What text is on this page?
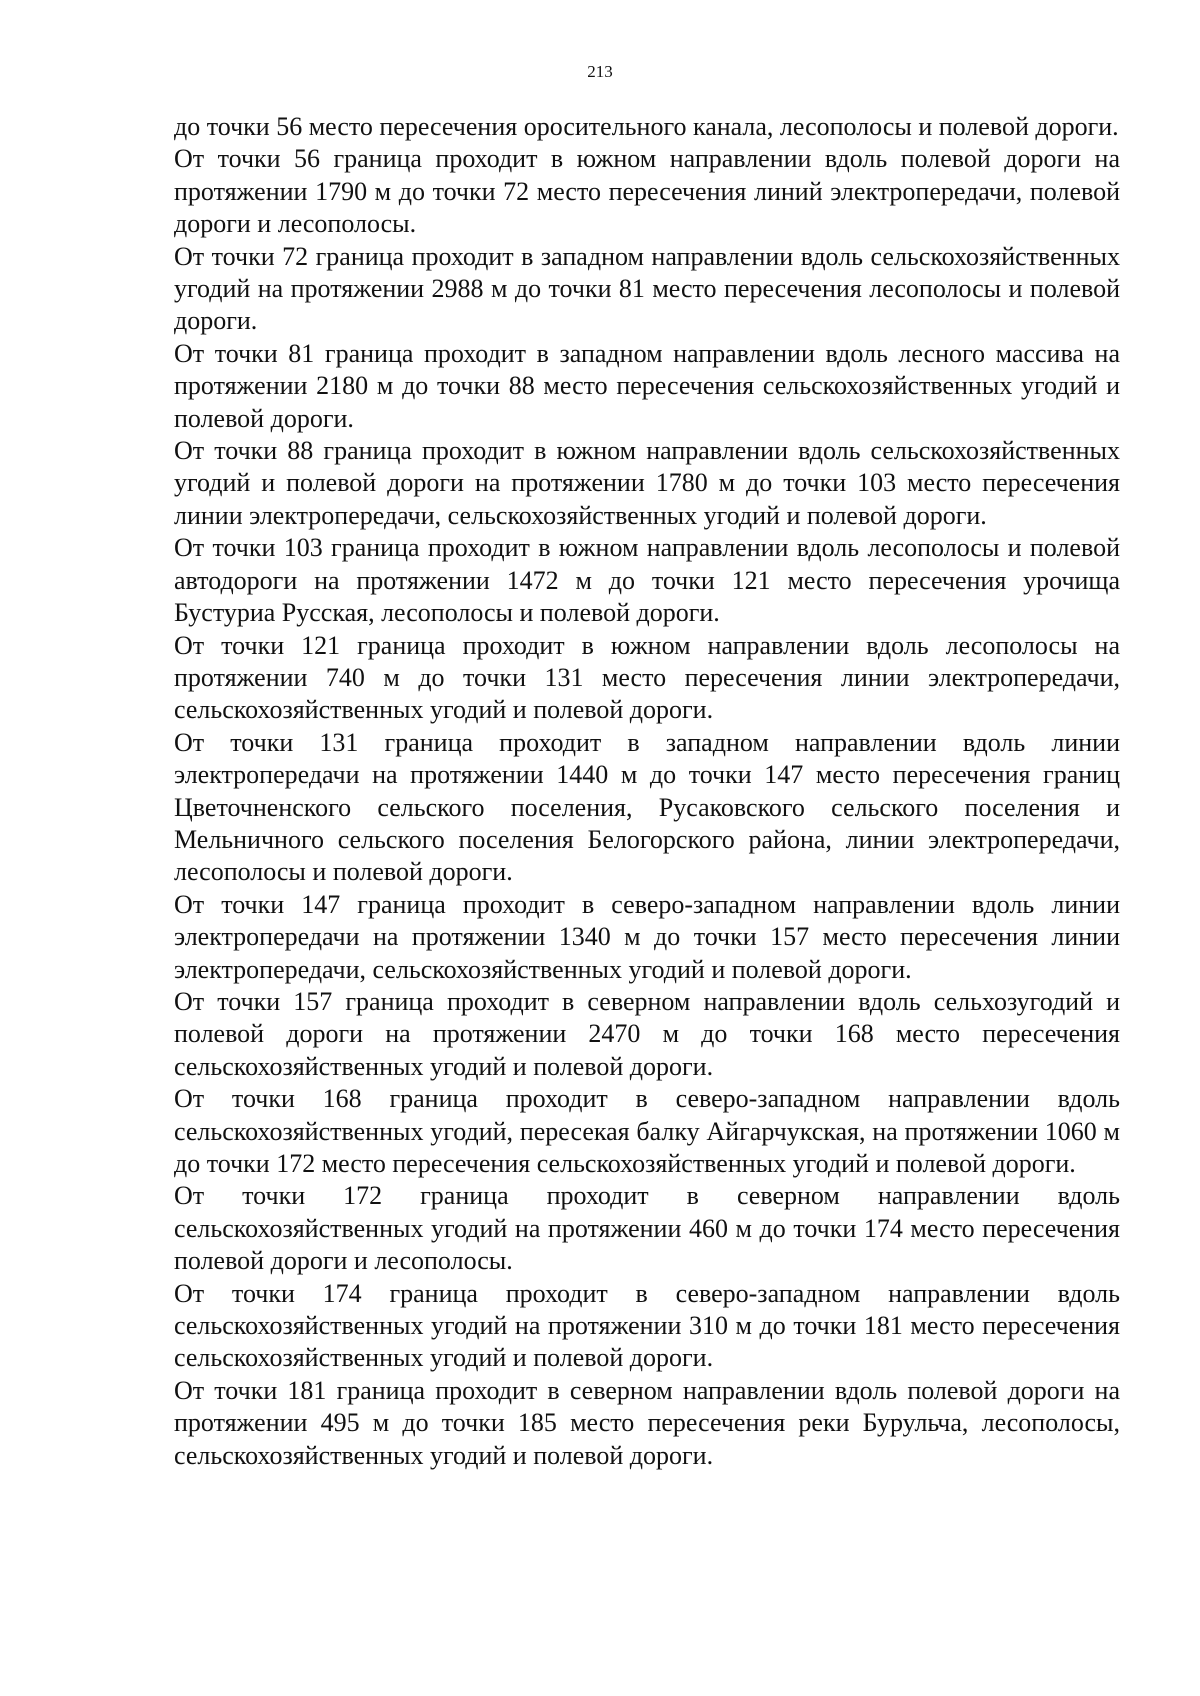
213

до точки 56 место пересечения оросительного канала, лесополосы и полевой дороги.

От точки 56 граница проходит в южном направлении вдоль полевой дороги на протяжении 1790 м до точки 72 место пересечения линий электропередачи, полевой дороги и лесополосы.

От точки 72 граница проходит в западном направлении вдоль сельскохозяйственных угодий на протяжении 2988 м до точки 81 место пересечения лесополосы и полевой дороги.

От точки 81 граница проходит в западном направлении вдоль лесного массива на протяжении 2180 м до точки 88 место пересечения сельскохозяйственных угодий и полевой дороги.

От точки 88 граница проходит в южном направлении вдоль сельскохозяйственных угодий и полевой дороги на протяжении 1780 м до точки 103 место пересечения линии электропередачи, сельскохозяйственных угодий и полевой дороги.

От точки 103 граница проходит в южном направлении вдоль лесополосы и полевой автодороги на протяжении 1472 м до точки 121 место пересечения урочища Бустуриа Русская, лесополосы и полевой дороги.

От точки 121 граница проходит в южном направлении вдоль лесополосы на протяжении 740 м до точки 131 место пересечения линии электропередачи, сельскохозяйственных угодий и полевой дороги.

От точки 131 граница проходит в западном направлении вдоль линии электропередачи на протяжении 1440 м до точки 147 место пересечения границ Цветочненского сельского поселения, Русаковского сельского поселения и Мельничного сельского поселения Белогорского района, линии электропередачи, лесополосы и полевой дороги.

От точки 147 граница проходит в северо-западном направлении вдоль линии электропередачи на протяжении 1340 м до точки 157 место пересечения линии электропередачи, сельскохозяйственных угодий и полевой дороги.

От точки 157 граница проходит в северном направлении вдоль сельхозугодий и полевой дороги на протяжении 2470 м до точки 168 место пересечения сельскохозяйственных угодий и полевой дороги.

От точки 168 граница проходит в северо-западном направлении вдоль сельскохозяйственных угодий, пересекая балку Айгарчукская, на протяжении 1060 м до точки 172 место пересечения сельскохозяйственных угодий и полевой дороги.

От точки 172 граница проходит в северном направлении вдоль сельскохозяйственных угодий на протяжении 460 м до точки 174 место пересечения полевой дороги и лесополосы.

От точки 174 граница проходит в северо-западном направлении вдоль сельскохозяйственных угодий на протяжении 310 м до точки 181 место пересечения сельскохозяйственных угодий и полевой дороги.

От точки 181 граница проходит в северном направлении вдоль полевой дороги на протяжении 495 м до точки 185 место пересечения реки Бурульча, лесополосы, сельскохозяйственных угодий и полевой дороги.
